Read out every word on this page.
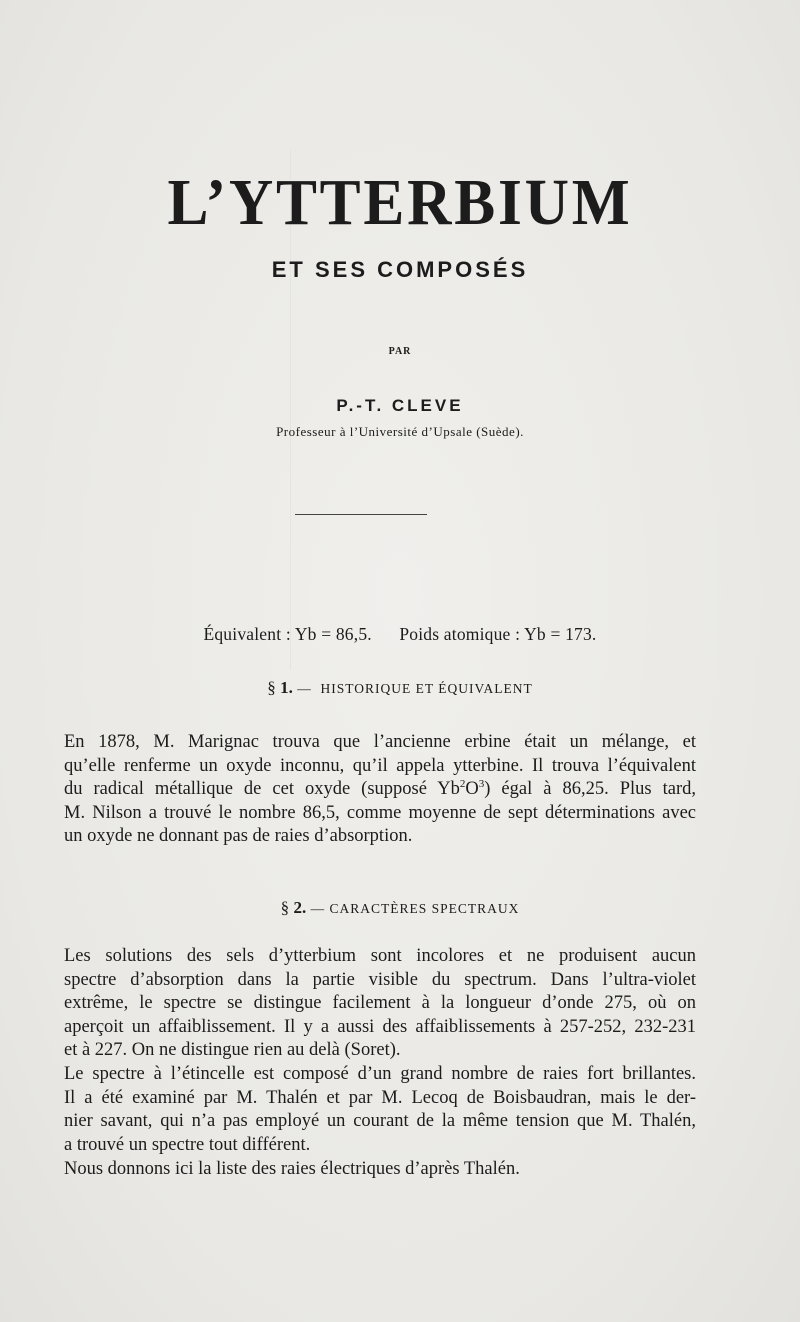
L’YTTERBIUM
ET SES COMPOSÉS
PAR
P.-T. CLEVE
Professeur à l’Université d’Upsale (Suède).
Équivalent : Yb = 86,5. Poids atomique : Yb = 173.
§ 1. — HISTORIQUE ET ÉQUIVALENT

En 1878, M. Marignac trouva que l’ancienne erbine était un mélange, et
qu’elle renferme un oxyde inconnu, qu’il appela ytterbine. Il trouva l’équivalent
du radical métallique de cet oxyde (supposé $Yb^2O^3$) égal à 86,25. Plus tard,
M. Nilson a trouvé le nombre 86,5, comme moyenne de sept déterminations avec
un oxyde ne donnant pas de raies d’absorption.

§ 2. — CARACTÈRES SPECTRAUX

Les solutions des sels d’ytterbium sont incolores et ne produisent aucun
spectre d’absorption dans la partie visible du spectrum. Dans l’ultra-violet
extrême, le spectre se distingue facilement à la longueur d’onde 275, où on
aperçoit un affaiblissement. Il y a aussi des affaiblissements à 257-252, 232-231
et à 227. On ne distingue rien au delà (Soret).

Le spectre à l’étincelle est composé d’un grand nombre de raies fort brillantes.
Il a été examiné par M. Thalén et par M. Lecoq de Boisbaudran, mais le der-
nier savant, qui n’a pas employé un courant de la même tension que M. Thalén,
a trouvé un spectre tout différent.

Nous donnons ici la liste des raies électriques d’après Thalén.
